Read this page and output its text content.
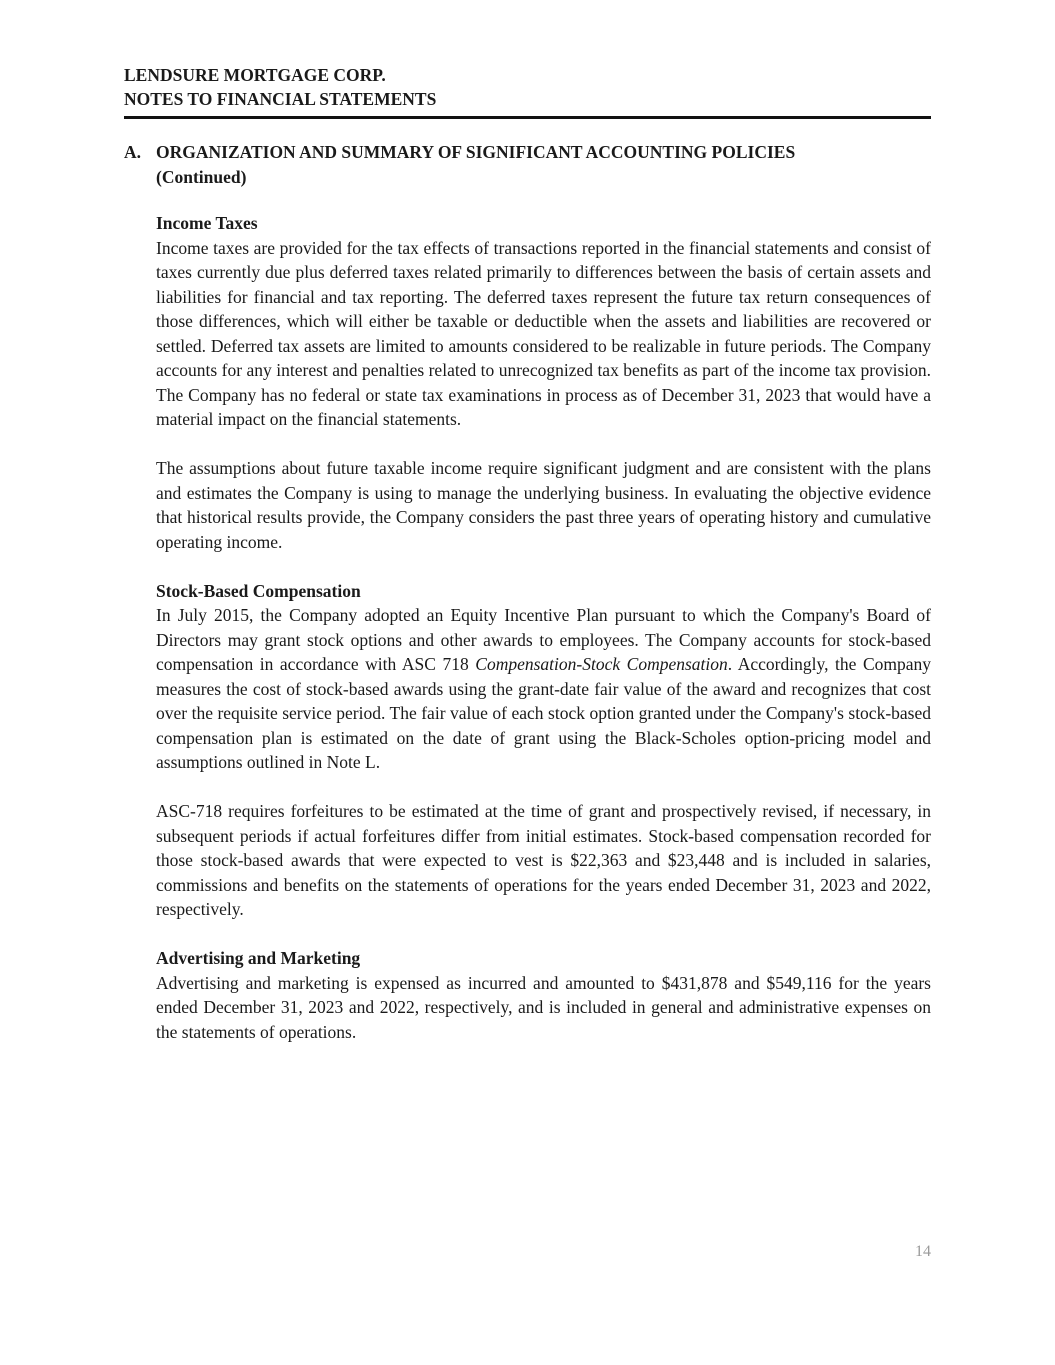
LENDSURE MORTGAGE CORP.
NOTES TO FINANCIAL STATEMENTS
A. ORGANIZATION AND SUMMARY OF SIGNIFICANT ACCOUNTING POLICIES
(Continued)

Income Taxes

Income taxes are provided for the tax effects of transactions reported in the financial statements and consist of taxes currently due plus deferred taxes related primarily to differences between the basis of certain assets and liabilities for financial and tax reporting. The deferred taxes represent the future tax return consequences of those differences, which will either be taxable or deductible when the assets and liabilities are recovered or settled. Deferred tax assets are limited to amounts considered to be realizable in future periods. The Company accounts for any interest and penalties related to unrecognized tax benefits as part of the income tax provision. The Company has no federal or state tax examinations in process as of December 31, 2023 that would have a material impact on the financial statements.

The assumptions about future taxable income require significant judgment and are consistent with the plans and estimates the Company is using to manage the underlying business. In evaluating the objective evidence that historical results provide, the Company considers the past three years of operating history and cumulative operating income.

Stock-Based Compensation

In July 2015, the Company adopted an Equity Incentive Plan pursuant to which the Company's Board of Directors may grant stock options and other awards to employees. The Company accounts for stock-based compensation in accordance with ASC 718 Compensation-Stock Compensation. Accordingly, the Company measures the cost of stock-based awards using the grant-date fair value of the award and recognizes that cost over the requisite service period. The fair value of each stock option granted under the Company's stock-based compensation plan is estimated on the date of grant using the Black-Scholes option-pricing model and assumptions outlined in Note L.

ASC-718 requires forfeitures to be estimated at the time of grant and prospectively revised, if necessary, in subsequent periods if actual forfeitures differ from initial estimates. Stock-based compensation recorded for those stock-based awards that were expected to vest is $22,363 and $23,448 and is included in salaries, commissions and benefits on the statements of operations for the years ended December 31, 2023 and 2022, respectively.

Advertising and Marketing

Advertising and marketing is expensed as incurred and amounted to $431,878 and $549,116 for the years ended December 31, 2023 and 2022, respectively, and is included in general and administrative expenses on the statements of operations.

14
